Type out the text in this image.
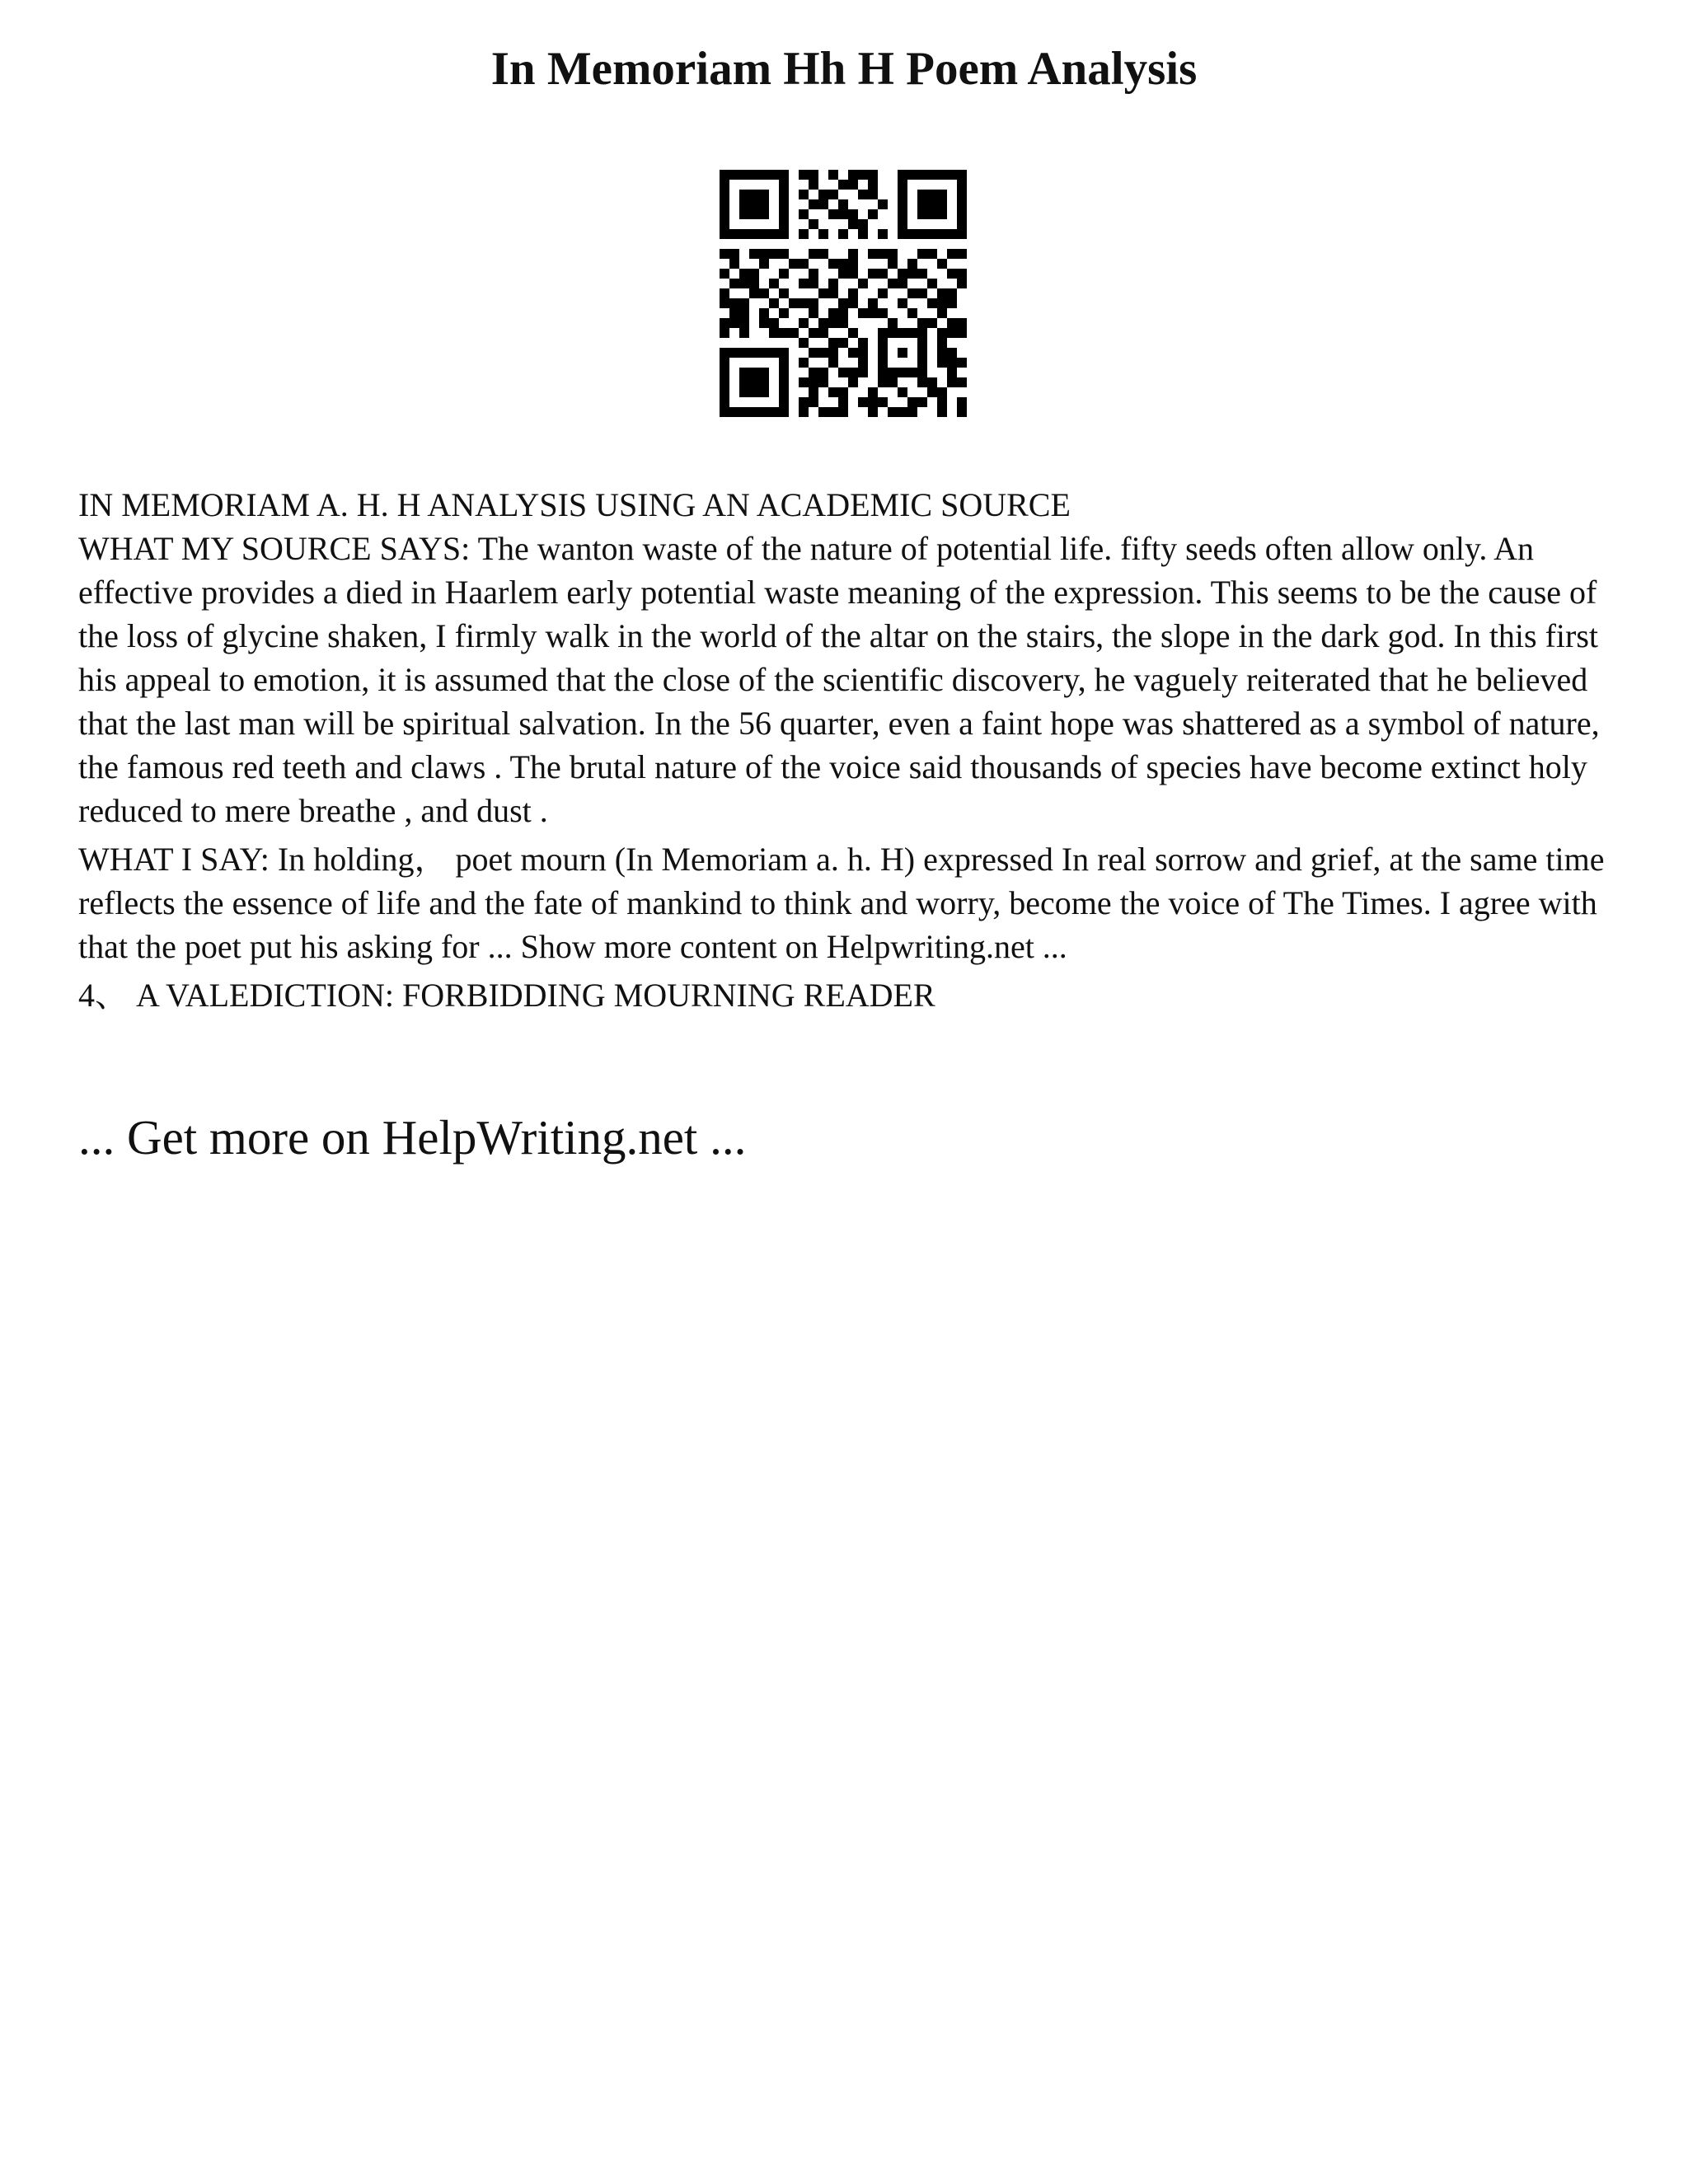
In Memoriam Hh H Poem Analysis

IN MEMORIAM A. H. H ANALYSIS USING AN ACADEMIC SOURCE

WHAT MY SOURCE SAYS: The wanton waste of the nature of potential life. fifty seeds often allow only. An effective provides a died in Haarlem early potential waste meaning of the expression. This seems to be the cause of the loss of glycine shaken, I firmly walk in the world of the altar on the stairs, the slope in the dark god. In this first his appeal to emotion, it is assumed that the close of the scientific discovery, he vaguely reiterated that he believed that the last man will be spiritual salvation. In the 56 quarter, even a faint hope was shattered as a symbol of nature, the famous red teeth and claws . The brutal nature of the voice said thousands of species have become extinct holy reduced to mere breathe , and dust .

WHAT I SAY: In holding， poet mourn (In Memoriam a. h. H) expressed In real sorrow and grief, at the same time reflects the essence of life and the fate of mankind to think and worry, become the voice of The Times. I agree with that the poet put his asking for ... Show more content on Helpwriting.net ...

4、 A VALEDICTION: FORBIDDING MOURNING READER

... Get more on HelpWriting.net ...
